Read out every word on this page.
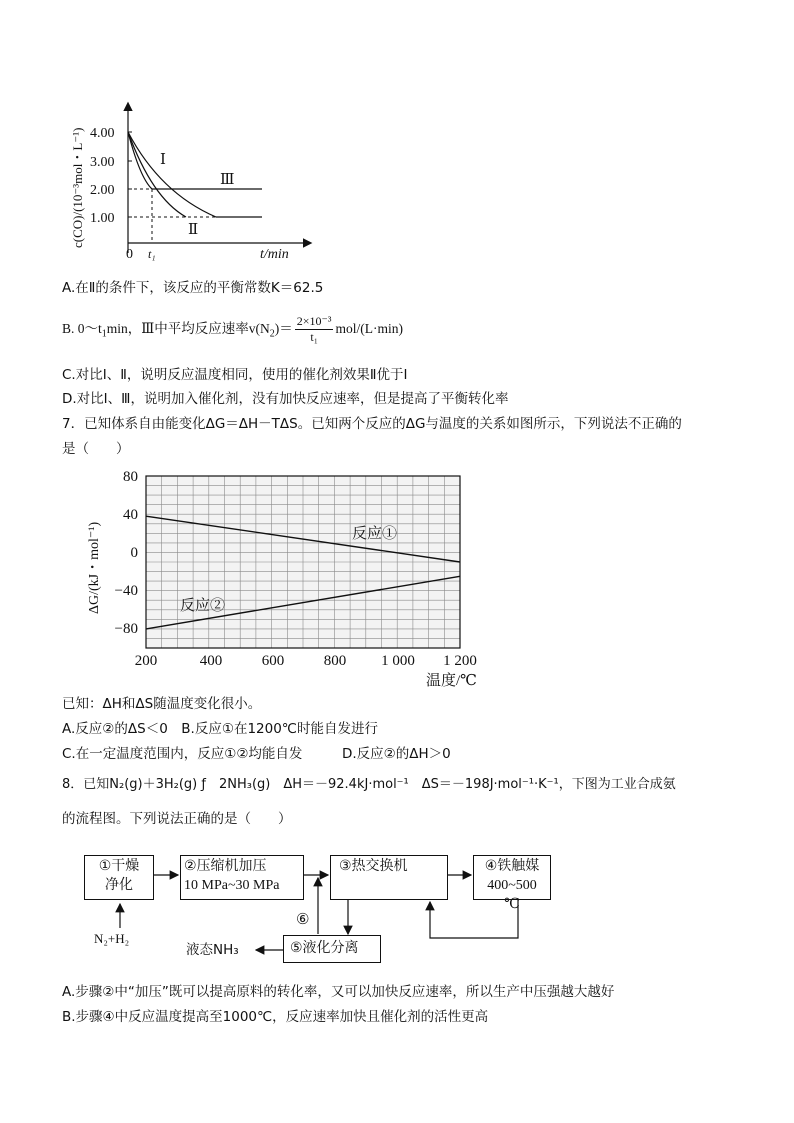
4.00
3.00
2.00
1.00
0 t₁	t/min
c(CO)/(10⁻³mol・L⁻¹)	Ⅰ
Ⅱ
Ⅲ
A.在Ⅱ的条件下，该反应的平衡常数K＝62.5
B. $0\sim t_1\min$，Ⅲ中平均反应速率$v(N_2)= \frac{\text{2×10⁻³}}{\text{t₁}} mol/(L\cdot\min)$
C.对比Ⅰ、Ⅱ，说明反应温度相同，使用的催化剂效果Ⅱ优于Ⅰ
D.对比Ⅰ、Ⅲ，说明加入催化剂，没有加快反应速率，但是提高了平衡转化率
7．已知体系自由能变化ΔG＝ΔH－TΔS。已知两个反应的ΔG与温度的关系如图所示，下列说法不正确的
是（　　）
80
40
0
−40
−80
200	400	600	800 1 000 1 200
温度/℃
ΔG/(kJ・mol⁻¹)	反应①
反应②
已知：ΔH和ΔS随温度变化很小。
A.反应②的ΔS＜0　B.反应①在1200℃时能自发进行
C.在一定温度范围内，反应①②均能自发	D.反应②的ΔH＞0
8．已知N₂(g)＋3H₂(g) ƒ　2NH₃(g)　ΔH＝－92.4kJ·mol⁻¹　ΔS＝－198J·mol⁻¹·K⁻¹，下图为工业合成氨
的流程图。下列说法正确的是（　　）
①干燥
净化
②压缩机加压
10 MPa~30 MPa
③热交换机	④铁触媒
400~500 ℃
⑤液化分离
⑥
N₂+H₂
液态NH₃
A.步骤②中“加压”既可以提高原料的转化率，又可以加快反应速率，所以生产中压强越大越好
B.步骤④中反应温度提高至1000℃，反应速率加快且催化剂的活性更高
